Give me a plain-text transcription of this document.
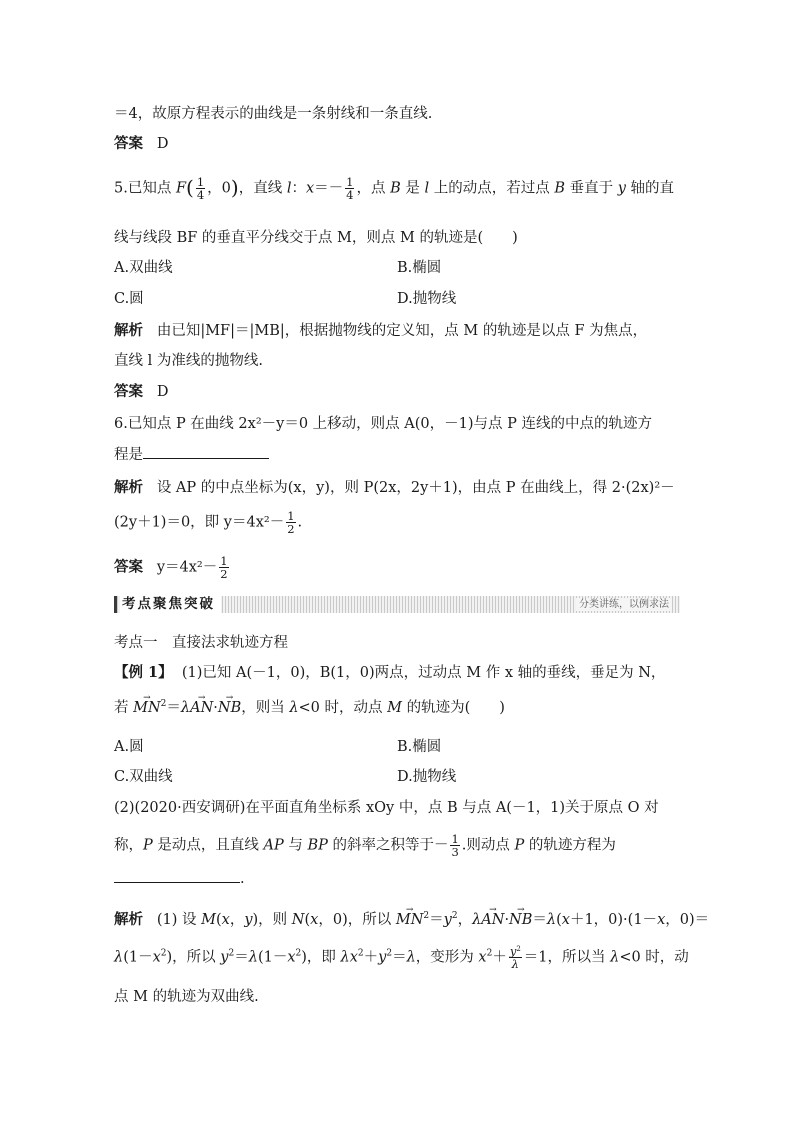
＝4，故原方程表示的曲线是一条射线和一条直线.
答案 D
5.已知点 $F( \frac{1}{4}$ ，0)，直线 l：$x=- \frac{1}{4}$ ，点 B 是 l 上的动点，若过点 B 垂直于 y 轴的直
线与线段 BF 的垂直平分线交于点 M，则点 M 的轨迹是(　　)
A.双曲线	B.椭圆
C.圆	D.抛物线
解析 由已知|MF|＝|MB|，根据抛物线的定义知，点 M 的轨迹是以点 F 为焦点，
直线 l 为准线的抛物线.
答案 D
6.已知点 P 在曲线 2x²－y＝0 上移动，则点 A(0，－1)与点 P 连线的中点的轨迹方
程是
解析 设 AP 的中点坐标为(x，y)，则 P(2x，2y＋1)，由点 P 在曲线上，得 2·(2x)²－
(2y＋1)＝0，即 $y=4x^2- \frac{1}{2}$ .
答案 $y=4x^2- \frac{1}{2}$
考点聚焦突破	分类讲练，以例求法
考点一　直接法求轨迹方程
【例 1】 (1)已知 A(－1，0)，B(1，0)两点，过动点 M 作 x 轴的垂线，垂足为 N，
若 → $MN^2=\lambda\to AN\cdot\to$ NB，则当 λ<0 时，动点 M 的轨迹为(　　)
A.圆	B.椭圆
C.双曲线	D.抛物线
(2)(2020·西安调研)在平面直角坐标系 xOy 中，点 B 与点 A(－1，1)关于原点 O 对
称，P 是动点，且直线 AP 与 BP 的斜率之积等于－ $\frac{1}{3}$ .则动点 P 的轨迹方程为
.
解析   (1) 设 M(x，y)，则 N(x，0)，所以 → $MN^2=y^2$，λ→ AN·→ NB＝λ(x＋1，0)·(1－x，0)＝
$\lambda(1-x^2)$，所以 $y^2=\lambda(1-x^2)$，即 $\lambda x^2+y^2=\lambda$，变形为 $x^2+ \frac{y^2}{\lambda} =1$，所以当 λ<0 时，动
点 M 的轨迹为双曲线.
